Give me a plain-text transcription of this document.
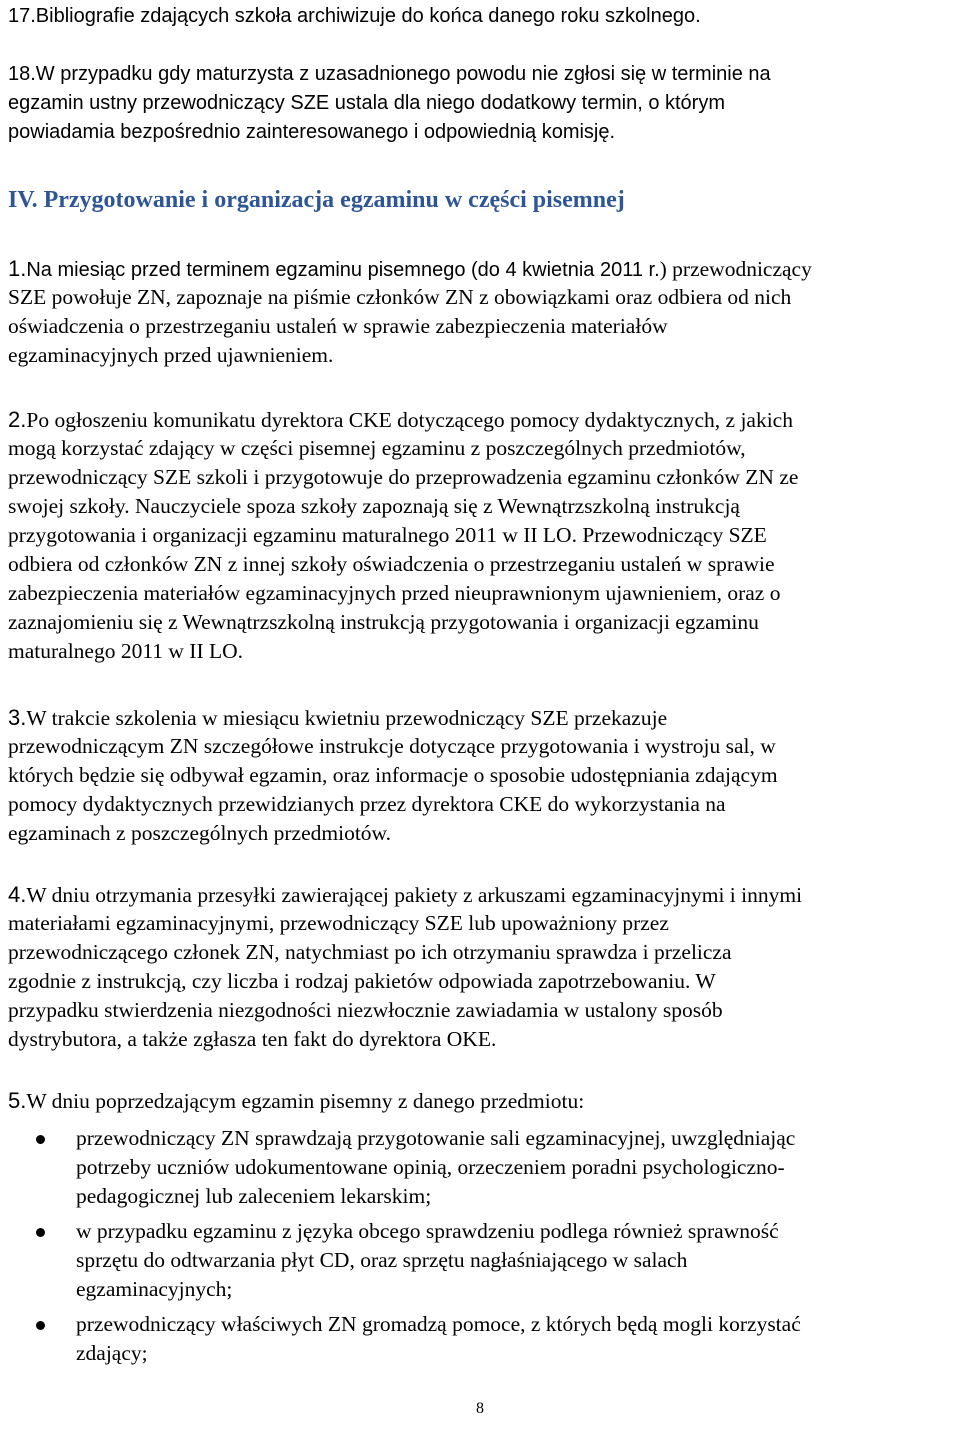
17.Bibliografie zdających szkoła archiwizuje do końca danego roku szkolnego.

18.W przypadku gdy maturzysta z uzasadnionego powodu nie zgłosi się w terminie na
egzamin ustny przewodniczący SZE ustala dla niego dodatkowy termin, o którym
powiadamia bezpośrednio zainteresowanego i odpowiednią komisję.

IV. Przygotowanie i organizacja egzaminu w części pisemnej

1.Na miesiąc przed terminem egzaminu pisemnego (do 4 kwietnia 2011 r.) przewodniczący
SZE powołuje ZN, zapoznaje na piśmie członków ZN z obowiązkami oraz odbiera od nich
oświadczenia o przestrzeganiu ustaleń w sprawie zabezpieczenia materiałów
egzaminacyjnych przed ujawnieniem.

2.Po ogłoszeniu komunikatu dyrektora CKE dotyczącego pomocy dydaktycznych, z jakich
mogą korzystać zdający w części pisemnej egzaminu z poszczególnych przedmiotów,
przewodniczący SZE szkoli i przygotowuje do przeprowadzenia egzaminu członków ZN ze
swojej szkoły. Nauczyciele spoza szkoły zapoznają się z Wewnątrzszkolną instrukcją
przygotowania i organizacji egzaminu maturalnego 2011 w II LO. Przewodniczący SZE
odbiera od członków ZN z innej szkoły oświadczenia o przestrzeganiu ustaleń w sprawie
zabezpieczenia materiałów egzaminacyjnych przed nieuprawnionym ujawnieniem, oraz o
zaznajomieniu się z Wewnątrzszkolną instrukcją przygotowania i organizacji egzaminu
maturalnego 2011 w II LO.

3.W trakcie szkolenia w miesiącu kwietniu przewodniczący SZE przekazuje
przewodniczącym ZN szczegółowe instrukcje dotyczące przygotowania i wystroju sal, w
których będzie się odbywał egzamin, oraz informacje o sposobie udostępniania zdającym
pomocy dydaktycznych przewidzianych przez dyrektora CKE do wykorzystania na
egzaminach z poszczególnych przedmiotów.

4.W dniu otrzymania przesyłki zawierającej pakiety z arkuszami egzaminacyjnymi i innymi
materiałami egzaminacyjnymi, przewodniczący SZE lub upoważniony przez
przewodniczącego członek ZN, natychmiast po ich otrzymaniu sprawdza i przelicza
zgodnie z instrukcją, czy liczba i rodzaj pakietów odpowiada zapotrzebowaniu. W
przypadku stwierdzenia niezgodności niezwłocznie zawiadamia w ustalony sposób
dystrybutora, a także zgłasza ten fakt do dyrektora OKE.

5.W dniu poprzedzającym egzamin pisemny z danego przedmiotu:

przewodniczący ZN sprawdzają przygotowanie sali egzaminacyjnej, uwzględniając
potrzeby uczniów udokumentowane opinią, orzeczeniem poradni psychologiczno-
pedagogicznej lub zaleceniem lekarskim;
w przypadku egzaminu z języka obcego sprawdzeniu podlega również sprawność
sprzętu do odtwarzania płyt CD, oraz sprzętu nagłaśniającego w salach
egzaminacyjnych;
przewodniczący właściwych ZN gromadzą pomoce, z których będą mogli korzystać
zdający;
8
